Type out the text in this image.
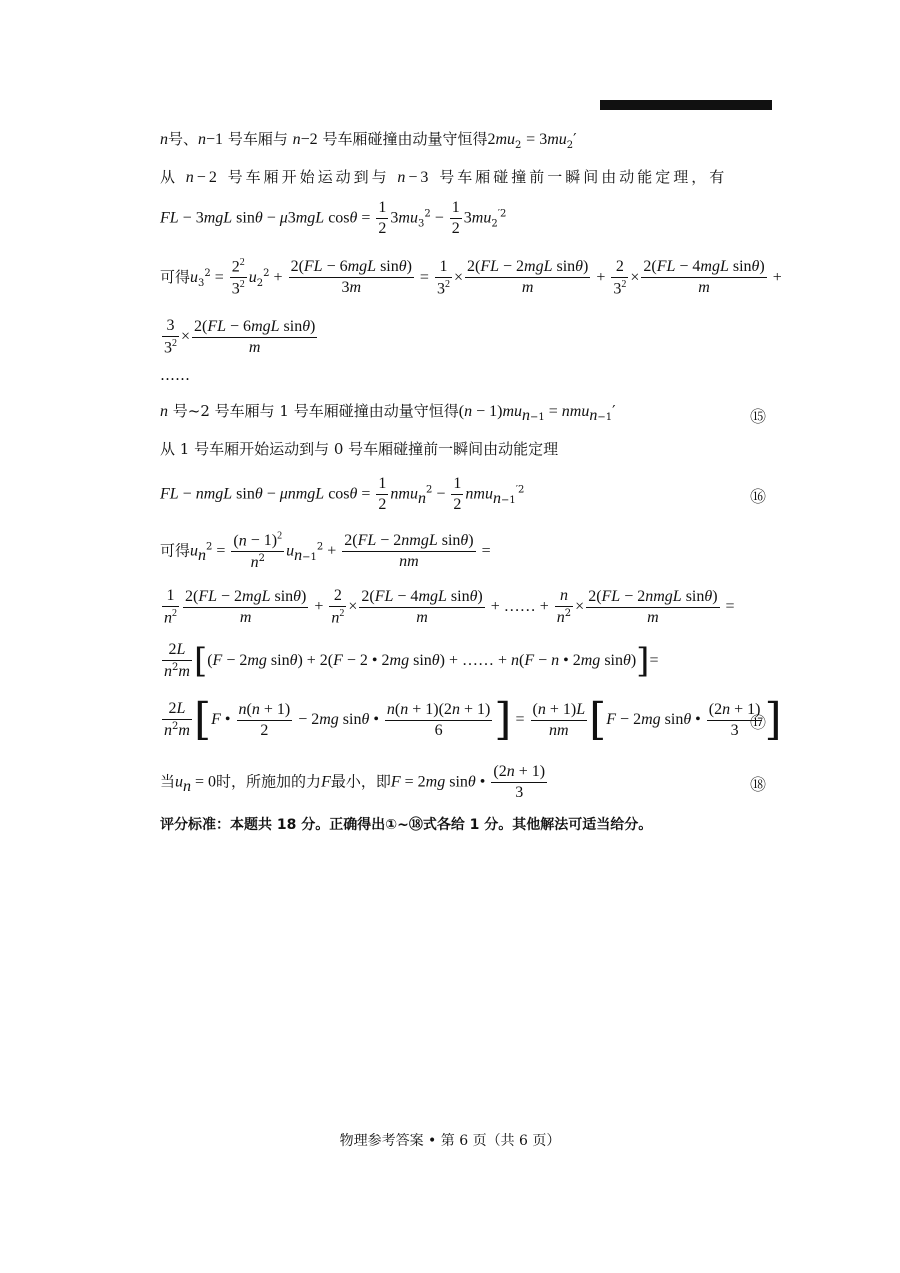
n号、n−1 号车厢与 n−2 号车厢碰撞由动量守恒得$2mu_2 = 3mu_2'$
从 n−2 号车厢开始运动到与 n−3 号车厢碰撞前一瞬间由动能定理，有
FL − 3mgL sinθ − μ3mgL $\cos\theta = \frac{1}{2} 3mu_3^2 - \frac{1}{2} 3mu_2^{'2}$
可得$u_3^2 = \frac{2^2}{3^2} u_2^2 + \frac{\text{2(FL − 6mgL sinθ)}}{3m} = \frac{1}{3^2} \times \frac{\text{2(FL − 2mgL sinθ)}}{m} + \frac{2}{3^2} \times \frac{\text{2(FL − 4mgL sinθ)}}{m}$ +
$\frac{3}{3^2} \times \frac{\text{2(FL − 6mgL sinθ)}}{m}$
……
n 号~2 号车厢与 1 号车厢碰撞由动量守恒得$(n - 1)mu_{n-1} = nmu_{n-1}'$	⑮
从 1 号车厢开始运动到与 0 号车厢碰撞前一瞬间由动能定理
FL − nmgL sinθ − μnmgL $\cos\theta = \frac{1}{2} nmu_n^2 - \frac{1}{2} nmu_{n-1}^{'2}$	⑯
可得$u_n^2 = \frac{(n - 1)^2}{n^2} u_{n-1}^2 + \frac{\text{2(FL − 2nmgL sinθ)}}{nm}$ =
$\frac{1}{n^2} \frac{\text{2(FL − 2mgL sinθ)}}{m} + \frac{2}{n^2} \times \frac{\text{2(FL − 4mgL sinθ)}}{m}$ + …… + $\frac{n}{n^2} \times \frac{\text{2(FL − 2nmgL sinθ)}}{m}$ =
$\frac{2L}{n^2m} [(F - 2mg$ sinθ) + 2(F − 2 • 2mg sinθ) + …… + n(F − n • 2mg sinθ)]=
$\frac{2L}{n^2m} [F$ • $\frac{n(n + 1)}{2} - 2mg$ sinθ • $\frac{n(n + 1)(2n + 1)}{6}$ ] = $\frac{(n + 1)L}{nm} [F - 2mg$ sinθ • $\frac{(2n + 1)}{3}$ ]
⑰
当$u_n = 0$时，所施加的力F最小，即F = 2mg sinθ • $\frac{(2n + 1)}{3}$	⑱
评分标准：本题共 18 分。正确得出①~⑱式各给 1 分。其他解法可适当给分。
物理参考答案 • 第 6 页（共 6 页）
